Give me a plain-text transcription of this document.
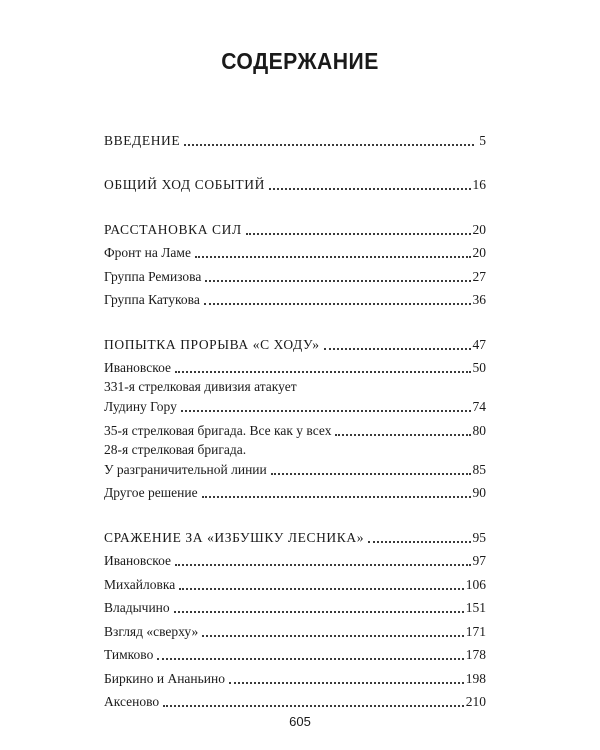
СОДЕРЖАНИЕ
ВВЕДЕНИЕ	5
ОБЩИЙ ХОД СОБЫТИЙ	16
РАССТАНОВКА СИЛ	20
Фронт на Ламе	20
Группа Ремизова	27
Группа Катукова	36
ПОПЫТКА ПРОРЫВА «С ХОДУ»	47
Ивановское	50
331-я стрелковая дивизия атакует
Лудину Гору	74
35-я стрелковая бригада. Все как у всех	80
28-я стрелковая бригада.
У разграничительной линии	85
Другое решение	90
СРАЖЕНИЕ ЗА «ИЗБУШКУ ЛЕСНИКА»	95
Ивановское	97
Михайловка	106
Владычино	151
Взгляд «сверху»	171
Тимково	178
Биркино и Ананьино	198
Аксеново	210
605
